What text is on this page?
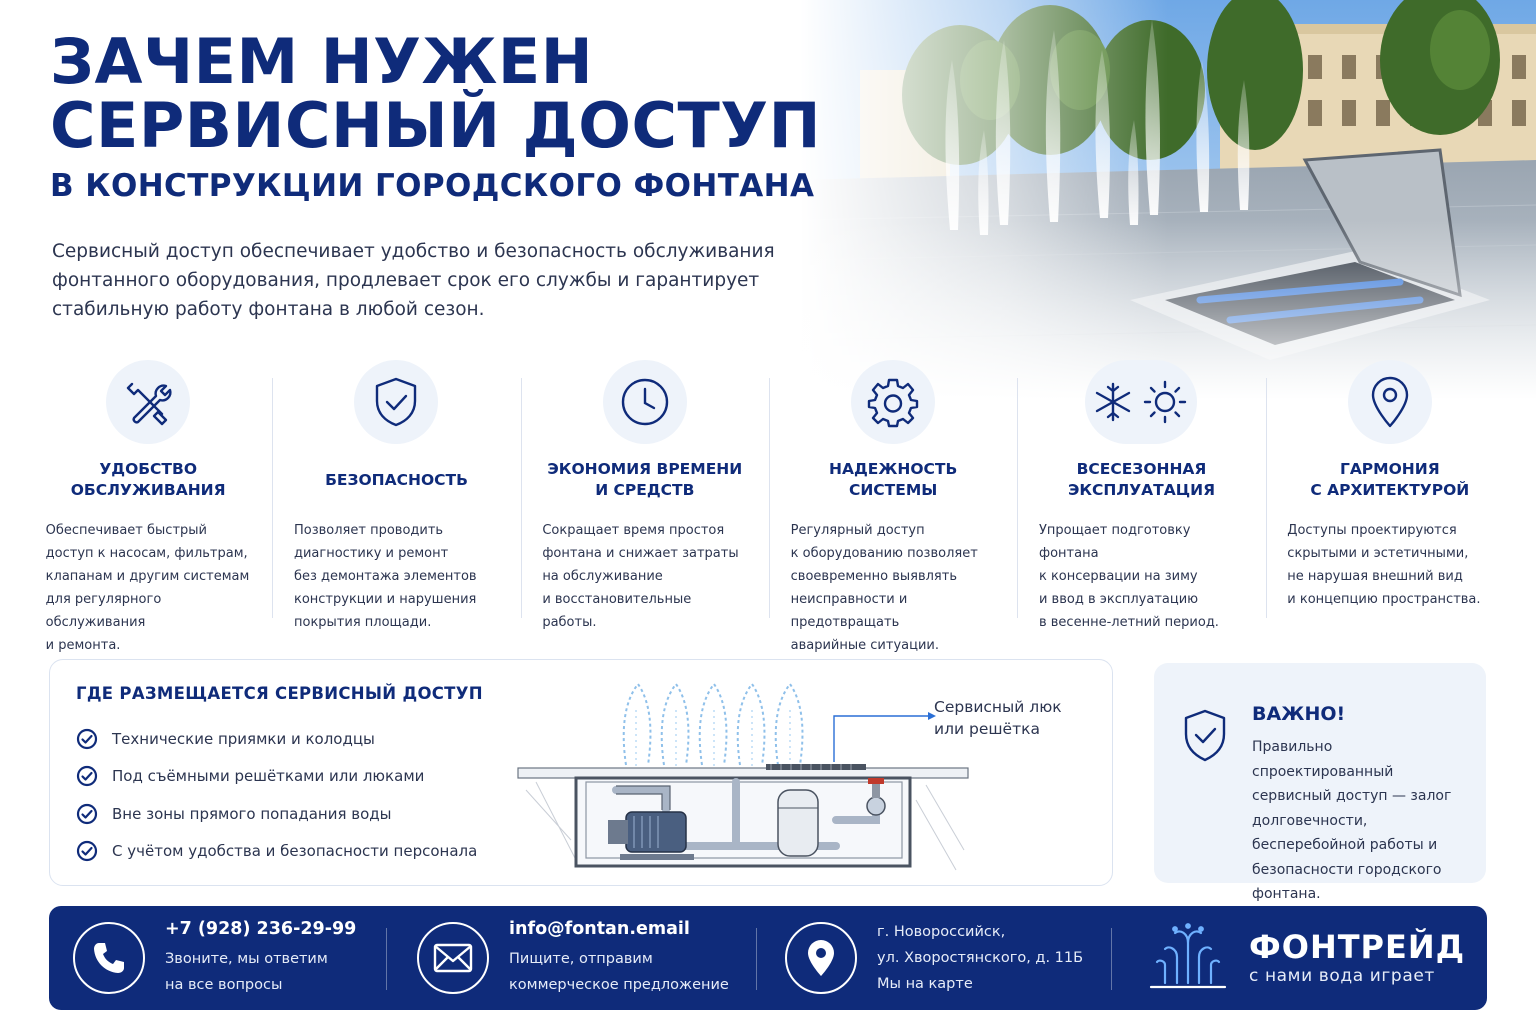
ЗАЧЕМ НУЖЕН
СЕРВИСНЫЙ ДОСТУП
В КОНСТРУКЦИИ ГОРОДСКОГО ФОНТАНА

Сервисный доступ обеспечивает удобство и безопасность обслуживания фонтанного оборудования, продлевает срок его службы и гарантирует стабильную работу фонтана в любой сезон.

УДОБСТВО
ОБСЛУЖИВАНИЯ
Обеспечивает быстрый
доступ к насосам, фильтрам,
клапанам и другим системам
для регулярного обслуживания
и ремонта.
БЕЗОПАСНОСТЬ
Позволяет проводить
диагностику и ремонт
без демонтажа элементов
конструкции и нарушения
покрытия площади.
ЭКОНОМИЯ ВРЕМЕНИ
И СРЕДСТВ
Сокращает время простоя
фонтана и снижает затраты
на обслуживание
и восстановительные
работы.
НАДЕЖНОСТЬ
СИСТЕМЫ
Регулярный доступ
к оборудованию позволяет
своевременно выявлять
неисправности и предотвращать
аварийные ситуации.
ВСЕСЕЗОННАЯ
ЭКСПЛУАТАЦИЯ
Упрощает подготовку фонтана
к консервации на зиму
и ввод в эксплуатацию
в весенне-летний период.
ГАРМОНИЯ
С АРХИТЕКТУРОЙ
Доступы проектируются
скрытыми и эстетичными,
не нарушая внешний вид
и концепцию пространства.
ГДЕ РАЗМЕЩАЕТСЯ СЕРВИСНЫЙ ДОСТУП
Технические приямки и колодцы
Под съёмными решётками или люками
Вне зоны прямого попадания воды
С учётом удобства и безопасности персонала
Сервисный люк
или решётка
ВАЖНО!
Правильно спроектированный сервисный доступ — залог долговечности, бесперебойной работы и безопасности городского фонтана.
+7 (928) 236-29-99
Звоните, мы ответим
на все вопросы
info@fontan.email
Пищите, отправим
коммерческое предложение
г. Новороссийск,
ул. Хворостянского, д. 11Б
Мы на карте
ФОНТРЕЙД
с нами вода играет
